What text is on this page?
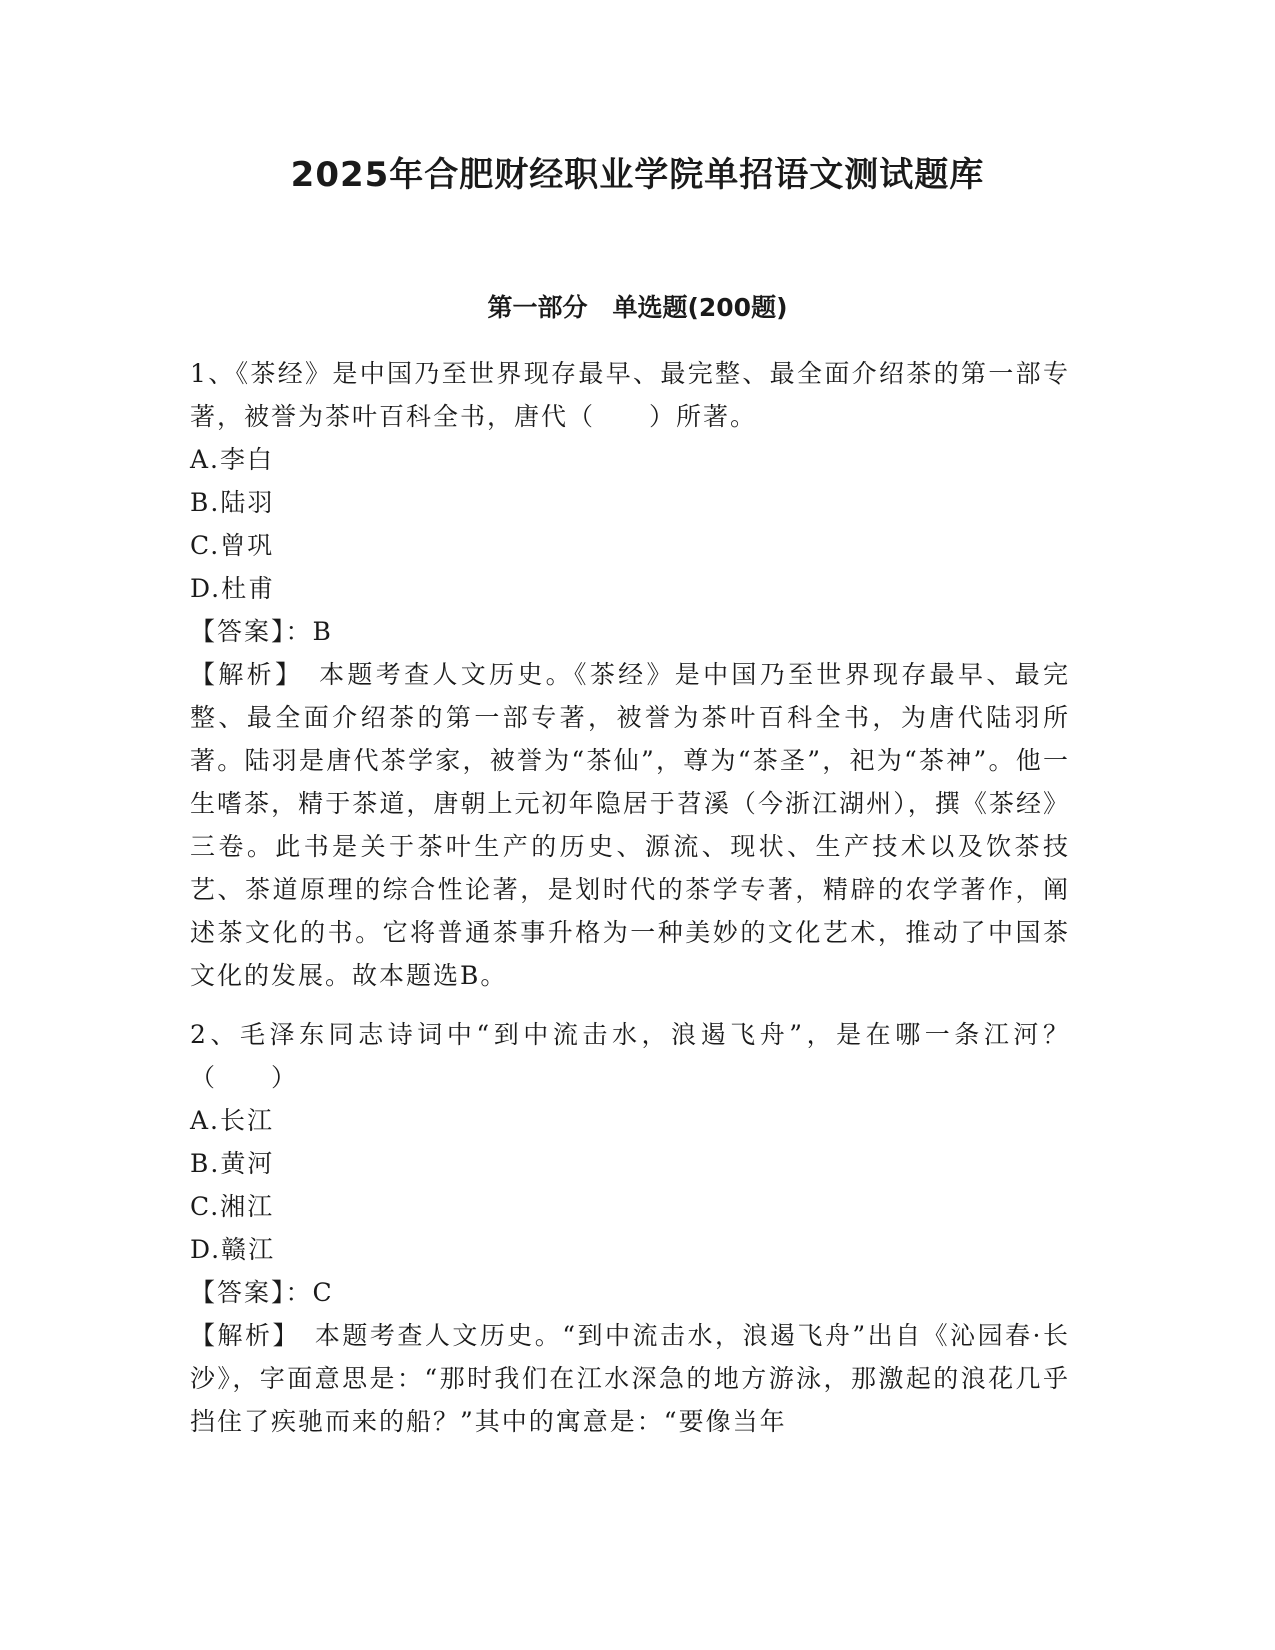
2025年合肥财经职业学院单招语文测试题库
第一部分　单选题(200题)

1、《茶经》是中国乃至世界现存最早、最完整、最全面介绍茶的第一部专著，被誉为茶叶百科全书，唐代（　　）所著。

A.李白

B.陆羽

C.曾巩

D.杜甫

【答案】：B

【解析】　本题考查人文历史。《茶经》是中国乃至世界现存最早、最完整、最全面介绍茶的第一部专著，被誉为茶叶百科全书，为唐代陆羽所著。陆羽是唐代茶学家，被誉为“茶仙”，尊为“茶圣”，祀为“茶神”。他一生嗜茶，精于茶道，唐朝上元初年隐居于苕溪（今浙江湖州），撰《茶经》三卷。此书是关于茶叶生产的历史、源流、现状、生产技术以及饮茶技艺、茶道原理的综合性论著，是划时代的茶学专著，精辟的农学著作，阐述茶文化的书。它将普通茶事升格为一种美妙的文化艺术，推动了中国茶文化的发展。故本题选B。

2、毛泽东同志诗词中“到中流击水，浪遏飞舟”，是在哪一条江河？（　　）

A.长江

B.黄河

C.湘江

D.赣江

【答案】：C

【解析】　本题考查人文历史。“到中流击水，浪遏飞舟”出自《沁园春·长沙》，字面意思是：“那时我们在江水深急的地方游泳，那激起的浪花几乎挡住了疾驰而来的船？”其中的寓意是：“要像当年
